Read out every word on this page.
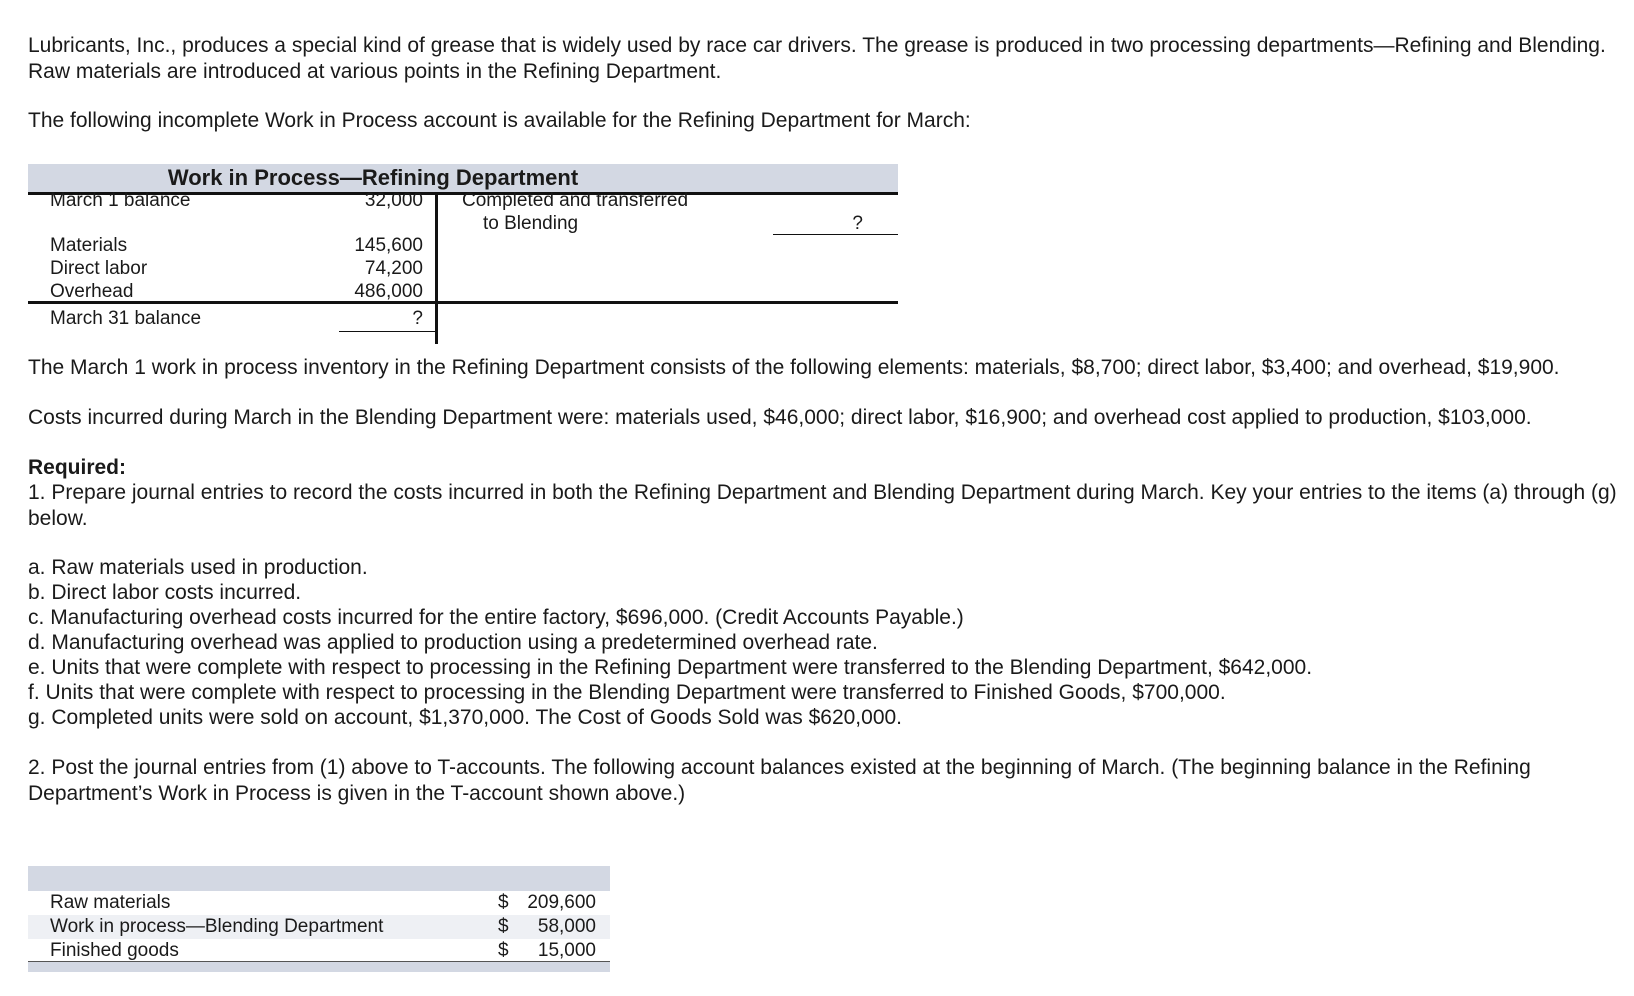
Lubricants, Inc., produces a special kind of grease that is widely used by race car drivers. The grease is produced in two processing departments—Refining and Blending. Raw materials are introduced at various points in the Refining Department.

The following incomplete Work in Process account is available for the Refining Department for March:

Work in Process—Refining Department
March 1 balance	32,000
Materials	145,600
Direct labor	74,200
Overhead	486,000
March 31 balance	?
Completed and transferred
to Blending	?

The March 1 work in process inventory in the Refining Department consists of the following elements: materials, $8,700; direct labor, $3,400; and overhead, $19,900.

Costs incurred during March in the Blending Department were: materials used, $46,000; direct labor, $16,900; and overhead cost applied to production, $103,000.

Required:

1. Prepare journal entries to record the costs incurred in both the Refining Department and Blending Department during March. Key your entries to the items (a) through (g) below.

a. Raw materials used in production.

b. Direct labor costs incurred.

c. Manufacturing overhead costs incurred for the entire factory, $696,000. (Credit Accounts Payable.)

d. Manufacturing overhead was applied to production using a predetermined overhead rate.

e. Units that were complete with respect to processing in the Refining Department were transferred to the Blending Department, $642,000.

f. Units that were complete with respect to processing in the Blending Department were transferred to Finished Goods, $700,000.

g. Completed units were sold on account, $1,370,000. The Cost of Goods Sold was $620,000.

2. Post the journal entries from (1) above to T-accounts. The following account balances existed at the beginning of March. (The beginning balance in the Refining Department’s Work in Process is given in the T-account shown above.)

Raw materials	$ 209,600
Work in process—Blending Department	$ 58,000
Finished goods	$ 15,000
